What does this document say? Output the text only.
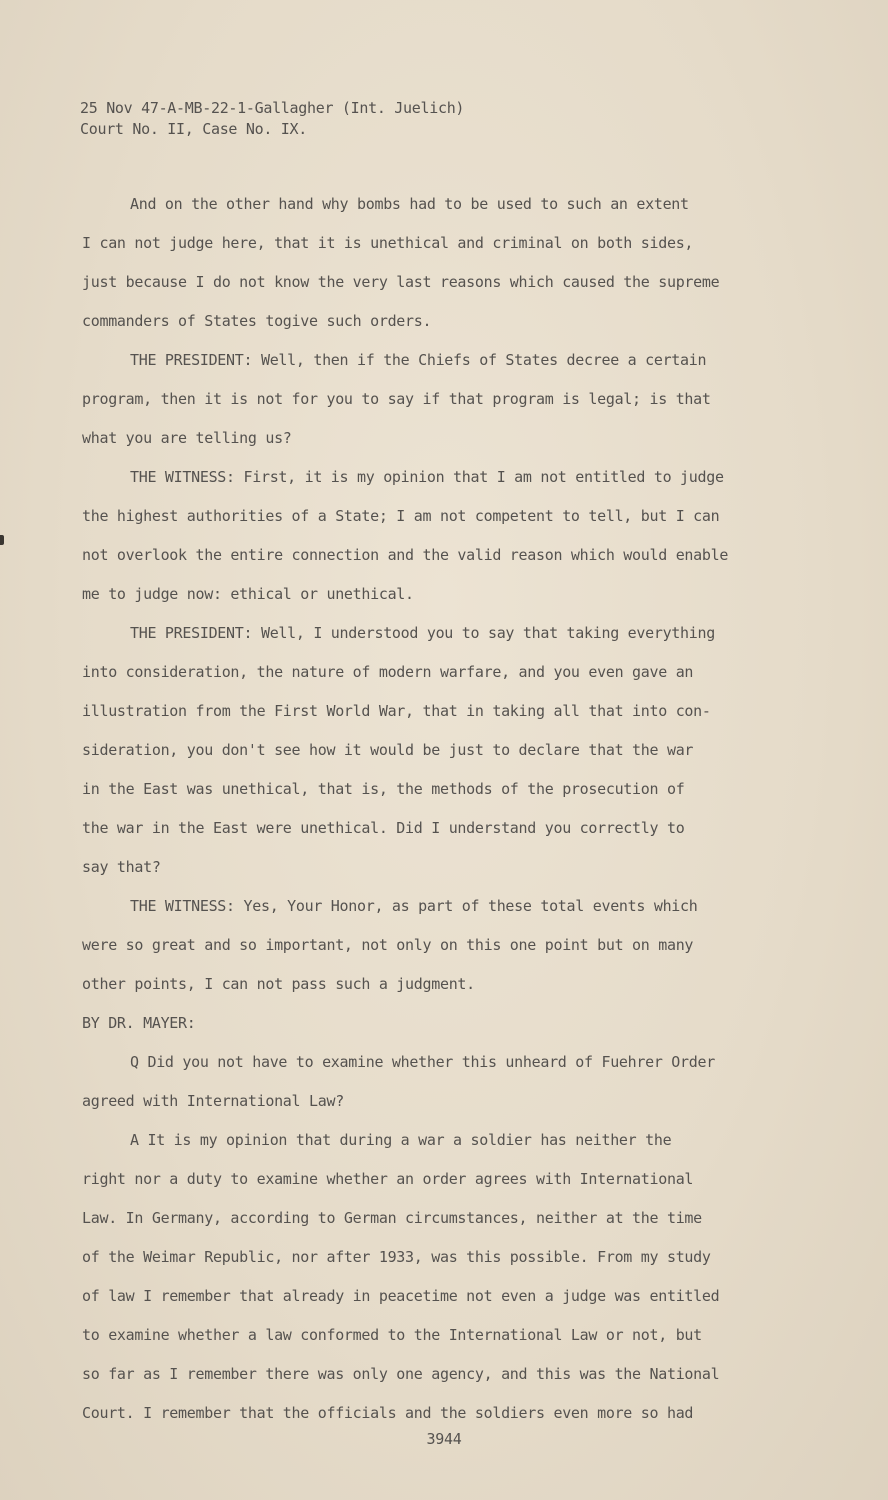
25 Nov 47-A-MB-22-1-Gallagher (Int. Juelich)
Court No. II, Case No. IX.
And on the other hand why bombs had to be used to such an extent
I can not judge here, that it is unethical and criminal on both sides,
just because I do not know the very last reasons which caused the supreme
commanders of States togive such orders.
THE PRESIDENT: Well, then if the Chiefs of States decree a certain
program, then it is not for you to say if that program is legal; is that
what you are telling us?
THE WITNESS: First, it is my opinion that I am not entitled to judge
the highest authorities of a State; I am not competent to tell, but I can
not overlook the entire connection and the valid reason which would enable
me to judge now: ethical or unethical.
THE PRESIDENT: Well, I understood you to say that taking everything
into consideration, the nature of modern warfare, and you even gave an
illustration from the First World War, that in taking all that into con-
sideration, you don't see how it would be just to declare that the war
in the East was unethical, that is, the methods of the prosecution of
the war in the East were unethical. Did I understand you correctly to
say that?
THE WITNESS: Yes, Your Honor, as part of these total events which
were so great and so important, not only on this one point but on many
other points, I can not pass such a judgment.
BY DR. MAYER:
Q Did you not have to examine whether this unheard of Fuehrer Order
agreed with International Law?
A It is my opinion that during a war a soldier has neither the
right nor a duty to examine whether an order agrees with International
Law. In Germany, according to German circumstances, neither at the time
of the Weimar Republic, nor after 1933, was this possible. From my study
of law I remember that already in peacetime not even a judge was entitled
to examine whether a law conformed to the International Law or not, but
so far as I remember there was only one agency, and this was the National
Court. I remember that the officials and the soldiers even more so had
3944
